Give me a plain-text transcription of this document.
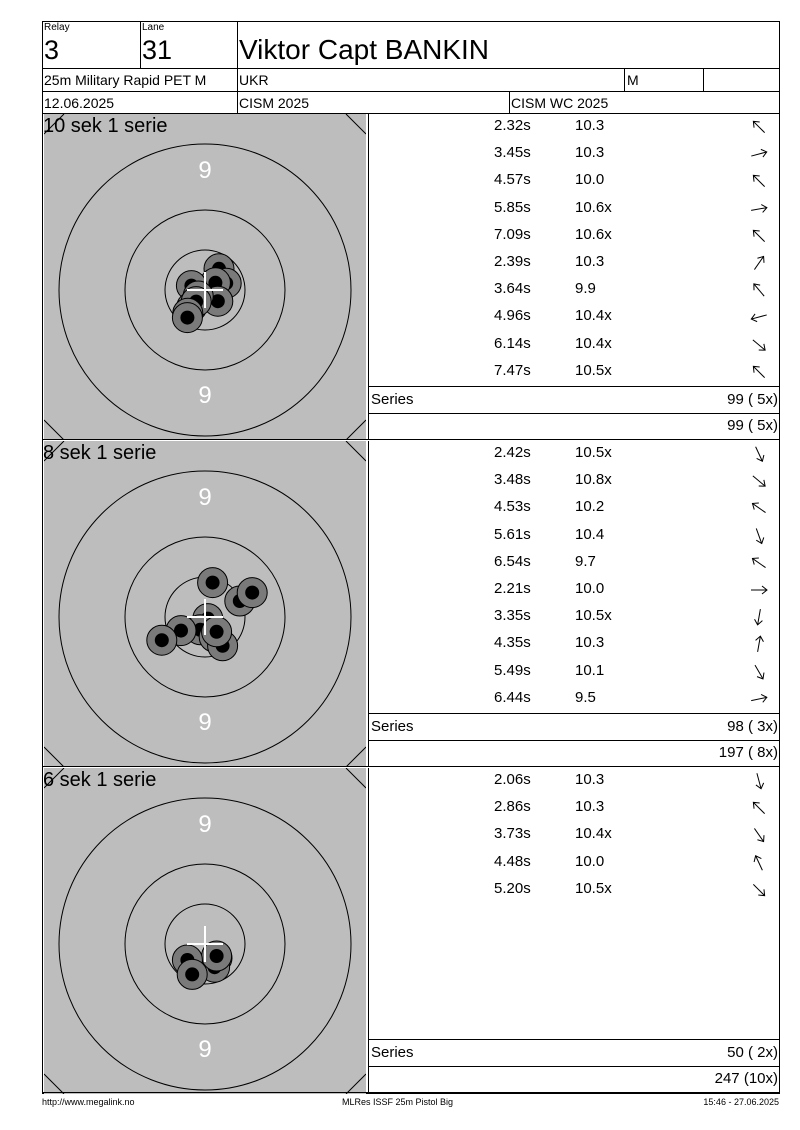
Relay
3
Lane
31 Viktor Capt BANKIN
25m Military Rapid PET M UKR	M
12.06.2025	CISM 2025	CISM WC 2025
9
9
10 sek 1 serie	2.32s	10.3
3.45s	10.3
4.57s	10.0
5.85s	10.6x
7.09s	10.6x
2.39s	10.3
3.64s	9.9
4.96s	10.4x
6.14s	10.4x
7.47s	10.5x
Series	99 ( 5x)
99 ( 5x)
9
9
8 sek 1 serie	2.42s	10.5x
3.48s	10.8x
4.53s	10.2
5.61s	10.4
6.54s	9.7
2.21s	10.0
3.35s	10.5x
4.35s	10.3
5.49s	10.1
6.44s	9.5
Series	98 ( 3x)
197 ( 8x)
9
9
6 sek 1 serie	2.06s	10.3
2.86s	10.3
3.73s	10.4x
4.48s	10.0
5.20s	10.5x
Series	50 ( 2x)
247 (10x)
http://www.megalink.no	MLRes ISSF 25m Pistol Big	15:46 - 27.06.2025
